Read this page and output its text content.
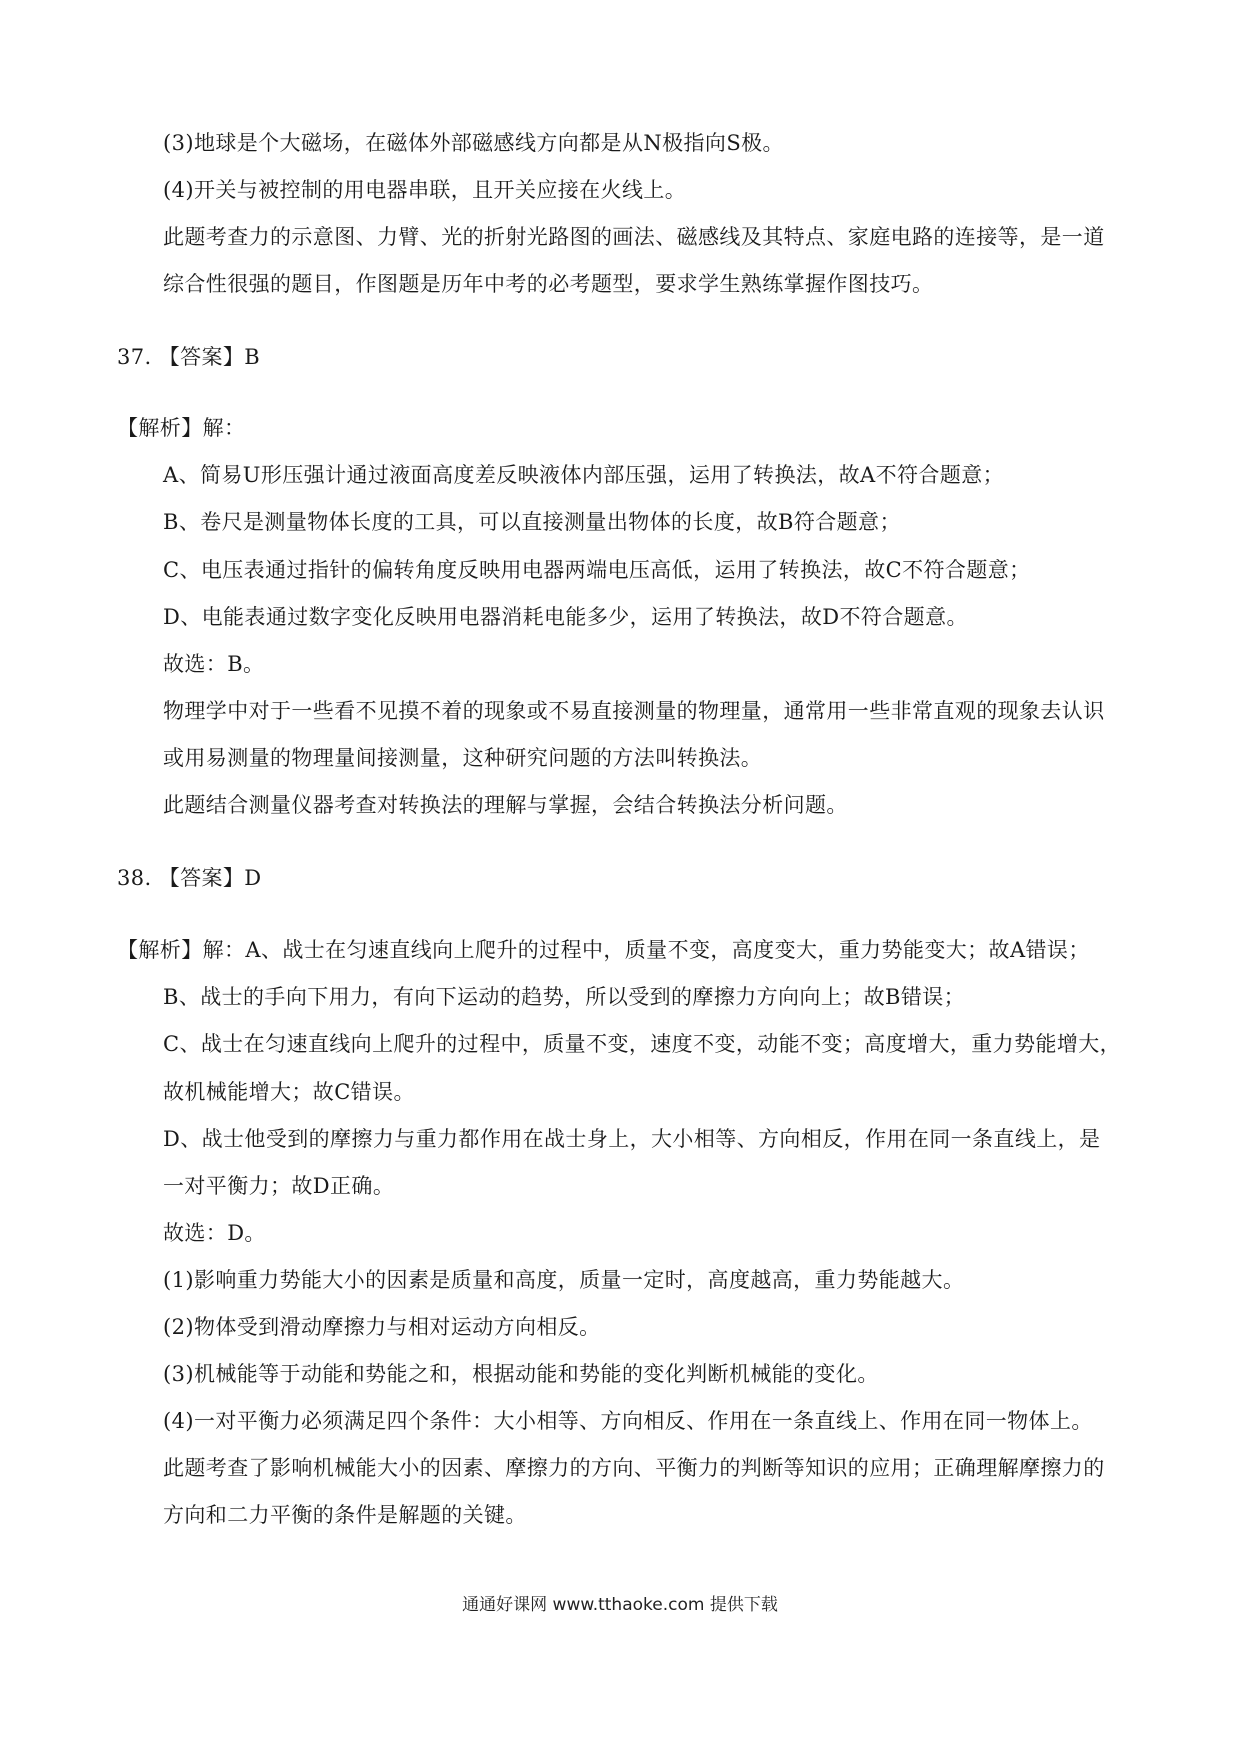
(3)地球是个大磁场，在磁体外部磁感线方向都是从N极指向S极。
(4)开关与被控制的用电器串联，且开关应接在火线上。
此题考查力的示意图、力臂、光的折射光路图的画法、磁感线及其特点、家庭电路的连接等，是一道
综合性很强的题目，作图题是历年中考的必考题型，要求学生熟练掌握作图技巧。
37. 【答案】B
【解析】解：
A、简易U形压强计通过液面高度差反映液体内部压强，运用了转换法，故A不符合题意；
B、卷尺是测量物体长度的工具，可以直接测量出物体的长度，故B符合题意；
C、电压表通过指针的偏转角度反映用电器两端电压高低，运用了转换法，故C不符合题意；
D、电能表通过数字变化反映用电器消耗电能多少，运用了转换法，故D不符合题意。
故选：B。
物理学中对于一些看不见摸不着的现象或不易直接测量的物理量，通常用一些非常直观的现象去认识
或用易测量的物理量间接测量，这种研究问题的方法叫转换法。
此题结合测量仪器考查对转换法的理解与掌握，会结合转换法分析问题。
38. 【答案】D
【解析】解：A、战士在匀速直线向上爬升的过程中，质量不变，高度变大，重力势能变大；故A错误；
B、战士的手向下用力，有向下运动的趋势，所以受到的摩擦力方向向上；故B错误；
C、战士在匀速直线向上爬升的过程中，质量不变，速度不变，动能不变；高度增大，重力势能增大，
故机械能增大；故C错误。
D、战士他受到的摩擦力与重力都作用在战士身上，大小相等、方向相反，作用在同一条直线上，是
一对平衡力；故D正确。
故选：D。
(1)影响重力势能大小的因素是质量和高度，质量一定时，高度越高，重力势能越大。
(2)物体受到滑动摩擦力与相对运动方向相反。
(3)机械能等于动能和势能之和，根据动能和势能的变化判断机械能的变化。
(4)一对平衡力必须满足四个条件：大小相等、方向相反、作用在一条直线上、作用在同一物体上。
此题考查了影响机械能大小的因素、摩擦力的方向、平衡力的判断等知识的应用；正确理解摩擦力的
方向和二力平衡的条件是解题的关键。
通通好课网 www.tthaoke.com 提供下载
